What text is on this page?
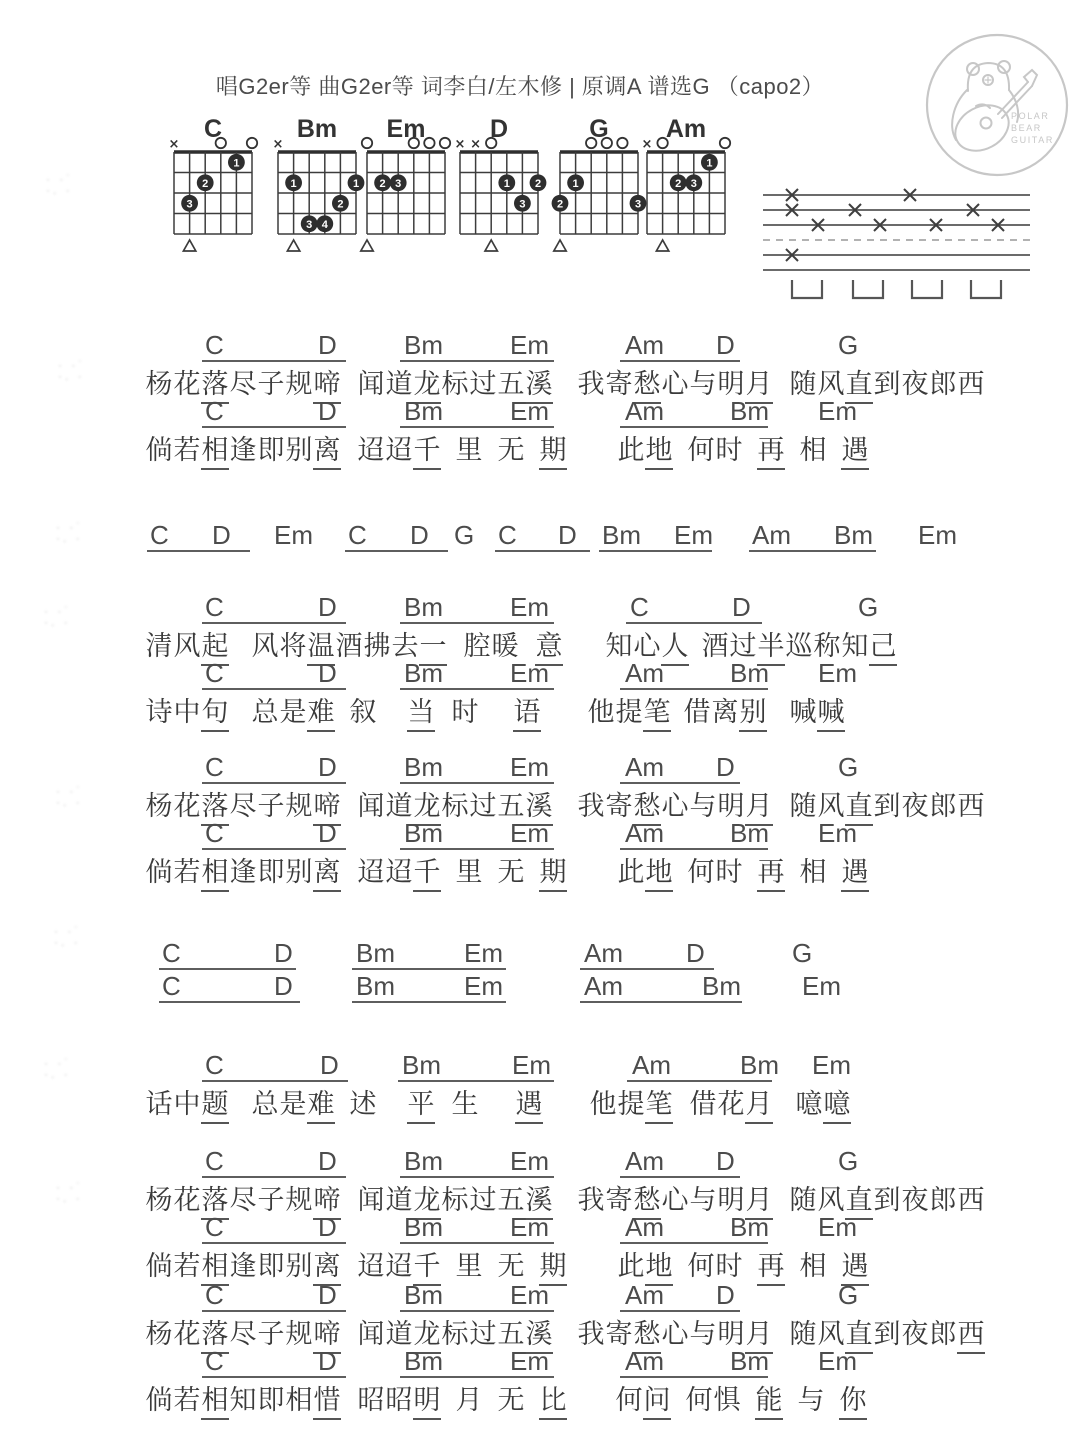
唱G2er等 曲G2er等 词李白/左木修 | 原调A 谱选G （capo2）
POLAR
BEAR
GUITAR
C
×
3
2
1
Bm
×
1	1
2
3 4
Em
2 3
D
× ×
1 2
3
G
1
2	3
Am
×
1
2 3
C	D	Bm	Em	Am D	G
杨花落尽子规啼 闻道龙标过五溪 我寄愁心与明月 随风直到夜郎西
C	D	Bm	Em	Am	Bm Em
倘若相逢即别离 迢迢千 里 无 期 此地 何时 再 相 遇
C D Em C D G C D Bm Em Am Bm Em
C	D	Bm	Em	C	D	G
清风起 风将温酒拂去一 腔暖 意 知心人 酒过半巡称知己
C	D	Bm	Em	Am	Bm Em
诗中句 总是难 叙 当 时 语 他提笔 借离别 喊喊
C	D	Bm	Em	Am D	G
杨花落尽子规啼 闻道龙标过五溪 我寄愁心与明月 随风直到夜郎西
C	D	Bm	Em	Am	Bm Em
倘若相逢即别离 迢迢千 里 无 期 此地 何时 再 相 遇
C	D Bm	Em	Am D	G
C	D Bm	Em	Am	Bm Em
C	D Bm	Em	Am	Bm Em
话中题 总是难 述 平 生 遇 他提笔 借花月 噫噫
C	D	Bm	Em	Am D	G
杨花落尽子规啼 闻道龙标过五溪 我寄愁心与明月 随风直到夜郎西
C	D	Bm	Em	Am	Bm Em
倘若相逢即别离 迢迢千 里 无 期 此地 何时 再 相 遇
C	D	Bm	Em	Am D	G
杨花落尽子规啼 闻道龙标过五溪 我寄愁心与明月 随风直到夜郎西
C	D	Bm	Em	Am	Bm Em
倘若相知即相惜 昭昭明 月 无 比 何问 何惧 能 与 你
· ·˙
·. ·
· ·˙
·. ·
· ·˙
·. ·
· ·˙
·. ·
· ·˙
·. ·
· ·˙
·. ·
· ·˙
·. ·
· ·˙
·. ·
